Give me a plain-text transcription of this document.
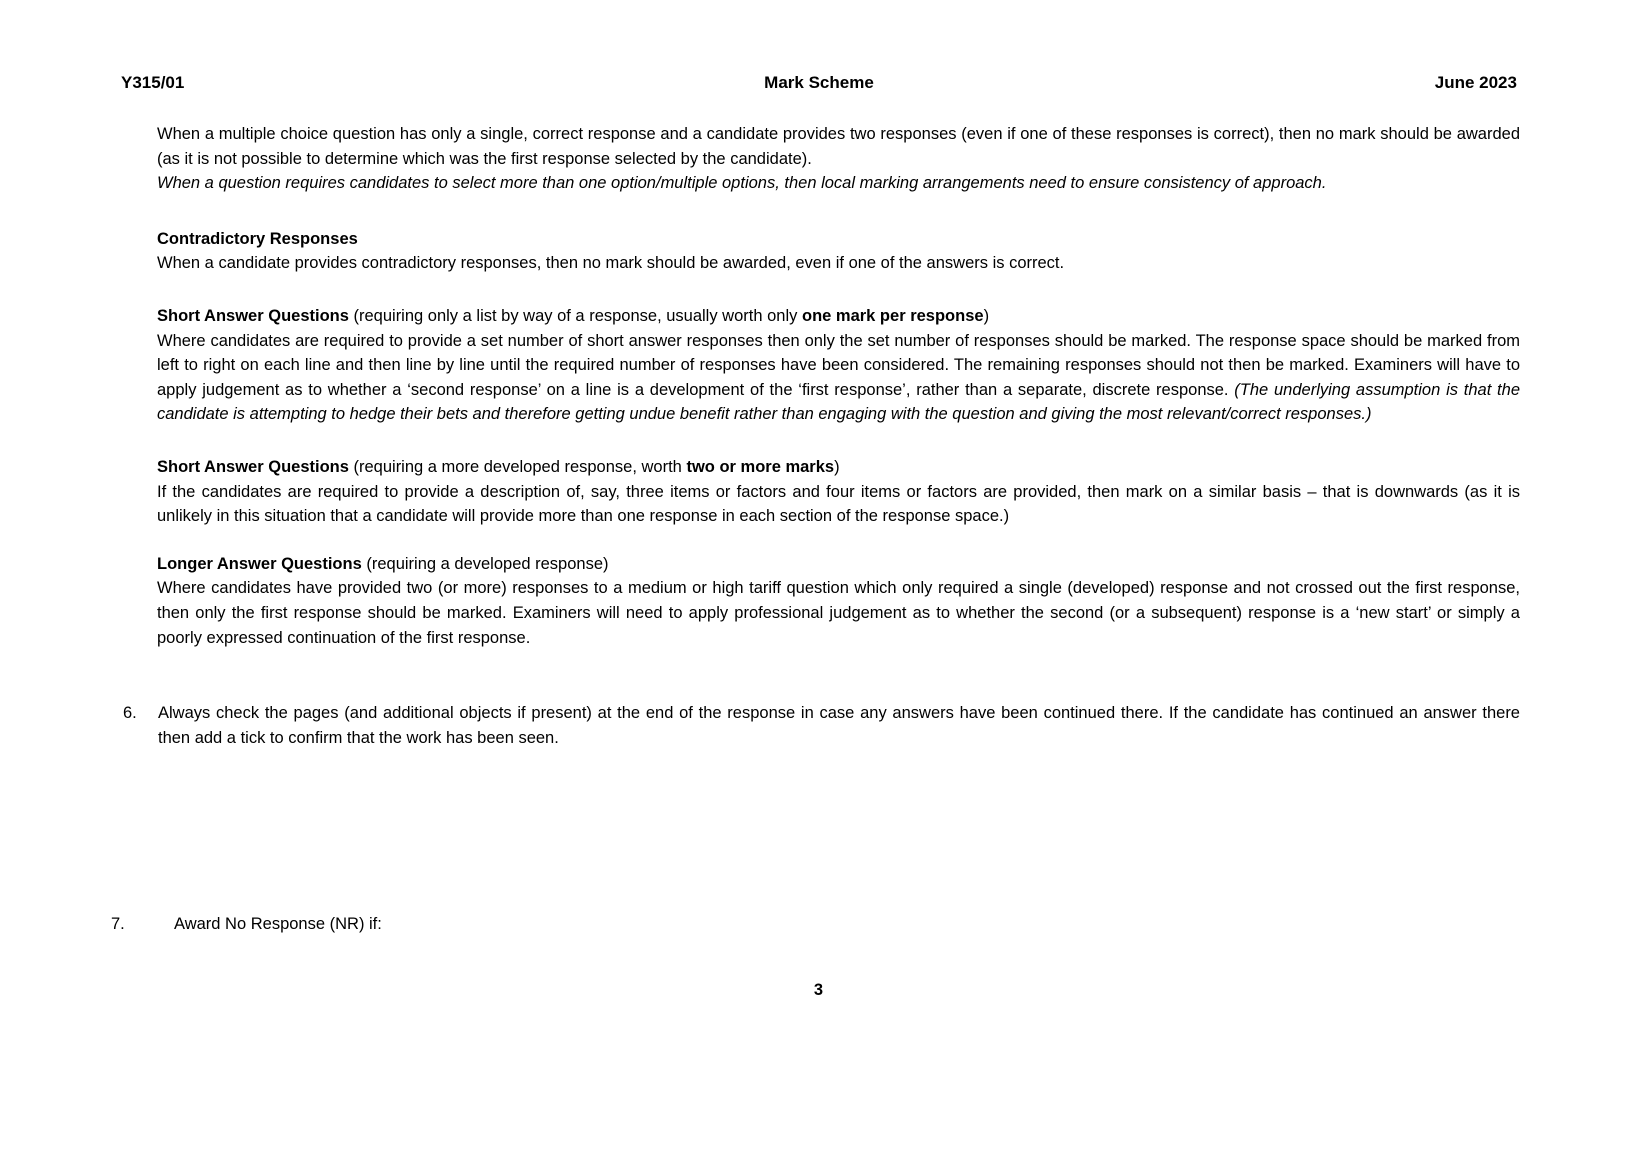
Y315/01	Mark Scheme	June 2023
When a multiple choice question has only a single, correct response and a candidate provides two responses (even if one of these responses is correct), then no mark should be awarded (as it is not possible to determine which was the first response selected by the candidate).
When a question requires candidates to select more than one option/multiple options, then local marking arrangements need to ensure consistency of approach.
Contradictory Responses
When a candidate provides contradictory responses, then no mark should be awarded, even if one of the answers is correct.
Short Answer Questions (requiring only a list by way of a response, usually worth only one mark per response)
Where candidates are required to provide a set number of short answer responses then only the set number of responses should be marked. The response space should be marked from left to right on each line and then line by line until the required number of responses have been considered. The remaining responses should not then be marked. Examiners will have to apply judgement as to whether a ‘second response’ on a line is a development of the ‘first response’, rather than a separate, discrete response. (The underlying assumption is that the candidate is attempting to hedge their bets and therefore getting undue benefit rather than engaging with the question and giving the most relevant/correct responses.)
Short Answer Questions (requiring a more developed response, worth two or more marks)
If the candidates are required to provide a description of, say, three items or factors and four items or factors are provided, then mark on a similar basis – that is downwards (as it is unlikely in this situation that a candidate will provide more than one response in each section of the response space.)
Longer Answer Questions (requiring a developed response)
Where candidates have provided two (or more) responses to a medium or high tariff question which only required a single (developed) response and not crossed out the first response, then only the first response should be marked. Examiners will need to apply professional judgement as to whether the second (or a subsequent) response is a ‘new start’ or simply a poorly expressed continuation of the first response.
6.	Always check the pages (and additional objects if present) at the end of the response in case any answers have been continued there. If the candidate has continued an answer there then add a tick to confirm that the work has been seen.
7.	Award No Response (NR) if:
3
